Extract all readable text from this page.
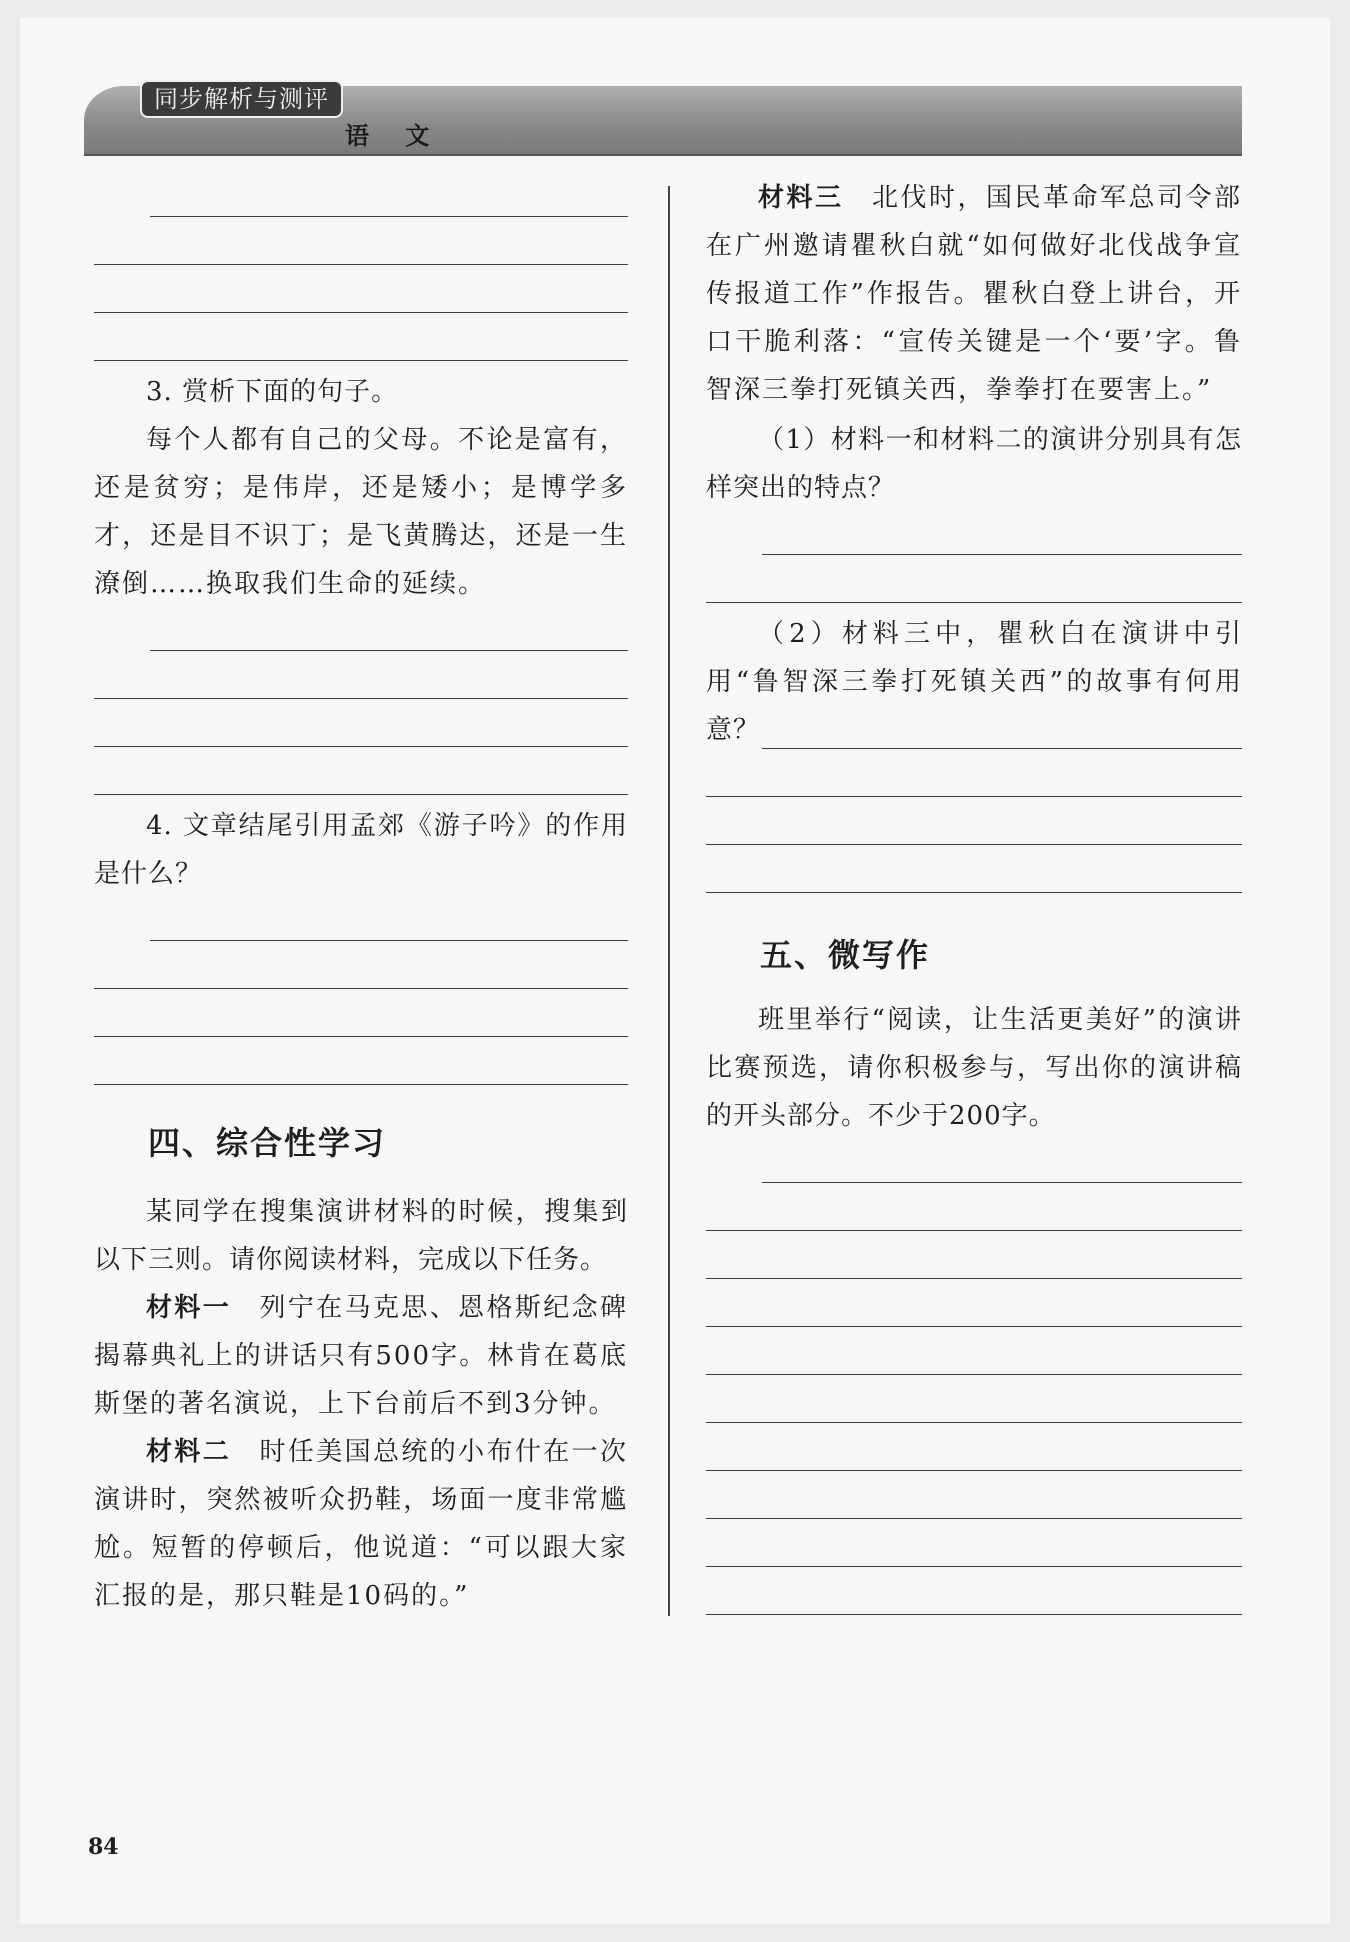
同步解析与测评
语 文

3. 赏析下面的句子。

每个人都有自己的父母。不论是富有，还是贫穷；是伟岸，还是矮小；是博学多才，还是目不识丁；是飞黄腾达，还是一生潦倒……换取我们生命的延续。

4. 文章结尾引用孟郊《游子吟》的作用是什么？

四、综合性学习

某同学在搜集演讲材料的时候，搜集到以下三则。请你阅读材料，完成以下任务。

材料一　 列宁在马克思、恩格斯纪念碑揭幕典礼上的讲话只有500字。林肯在葛底斯堡的著名演说，上下台前后不到3分钟。

材料二　 时任美国总统的小布什在一次演讲时，突然被听众扔鞋，场面一度非常尴尬。短暂的停顿后，他说道：“可以跟大家汇报的是，那只鞋是10码的。”

材料三　 北伐时，国民革命军总司令部在广州邀请瞿秋白就“如何做好北伐战争宣传报道工作”作报告。瞿秋白登上讲台，开口干脆利落：“宣传关键是一个‘要’字。鲁智深三拳打死镇关西，拳拳打在要害上。”

（1）材料一和材料二的演讲分别具有怎样突出的特点？

（2）材料三中，瞿秋白在演讲中引用“鲁智深三拳打死镇关西”的故事有何用意？

五、微写作

班里举行“阅读，让生活更美好”的演讲比赛预选，请你积极参与，写出你的演讲稿的开头部分。不少于200字。

84
